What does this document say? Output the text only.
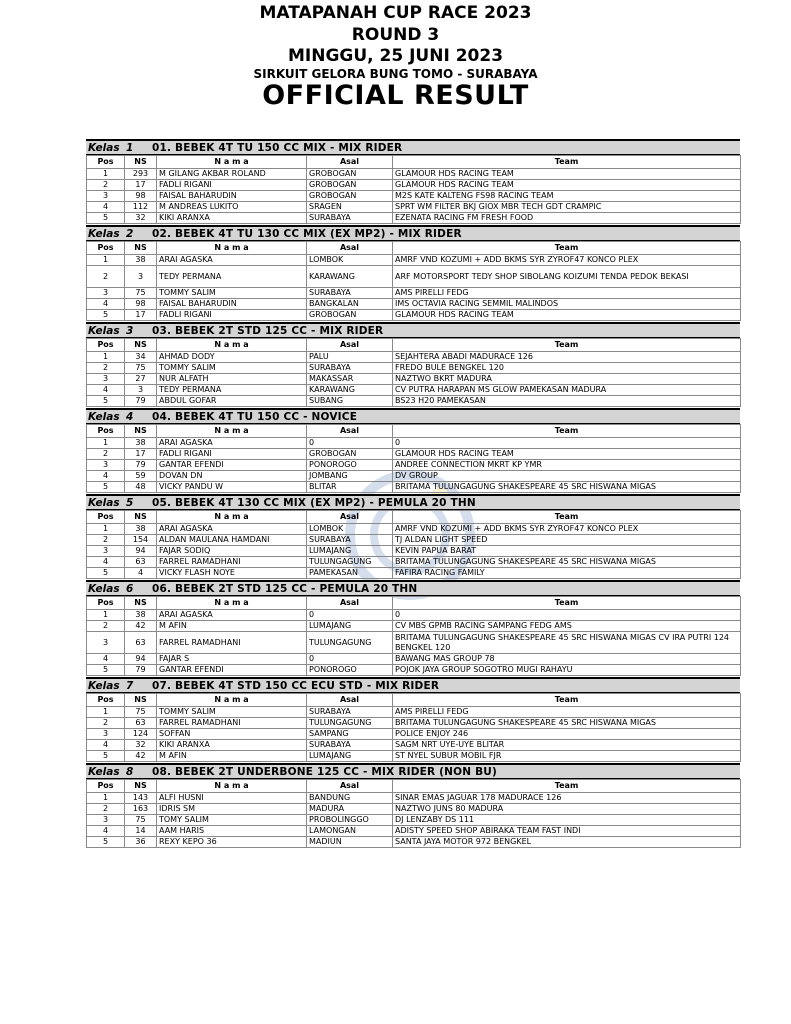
MATAPANAH CUP RACE 2023
ROUND 3
MINGGU, 25 JUNI 2023
SIRKUIT GELORA BUNG TOMO - SURABAYA
OFFICIAL RESULT
Kelas 1	01. BEBEK 4T TU 150 CC MIX - MIX RIDER
Pos	NS	N a m a	Asal	Team
1	293	M GILANG AKBAR ROLAND	GROBOGAN	GLAMOUR HDS RACING TEAM
2	17	FADLI RIGANI	GROBOGAN	GLAMOUR HDS RACING TEAM
3	98	FAISAL BAHARUDIN	GROBOGAN	M2S KATE KALTENG FS98 RACING TEAM
4	112	M ANDREAS LUKITO	SRAGEN	SPRT WM FILTER BKJ GIOX MBR TECH GDT CRAMPIC
5	32	KIKI ARANXA	SURABAYA	EZENATA RACING FM FRESH FOOD
Kelas 2	02. BEBEK 4T TU 130 CC MIX (EX MP2) - MIX RIDER
Pos	NS	N a m a	Asal	Team
1	38	ARAI AGASKA	LOMBOK	AMRF VND KOZUMI + ADD BKMS SYR ZYROF47 KONCO PLEX
2	3	TEDY PERMANA	KARAWANG	ARF MOTORSPORT TEDY SHOP SIBOLANG KOIZUMI TENDA PEDOK BEKASI
3	75	TOMMY SALIM	SURABAYA	AMS PIRELLI FEDG
4	98	FAISAL BAHARUDIN	BANGKALAN	IMS OCTAVIA RACING SEMMIL MALINDOS
5	17	FADLI RIGANI	GROBOGAN	GLAMOUR HDS RACING TEAM
Kelas 3	03. BEBEK 2T STD 125 CC - MIX RIDER
Pos	NS	N a m a	Asal	Team
1	34	AHMAD DODY	PALU	SEJAHTERA ABADI MADURACE 126
2	75	TOMMY SALIM	SURABAYA	FREDO BULE BENGKEL 120
3	27	NUR ALFATH	MAKASSAR	NAZTWO BKRT MADURA
4	3	TEDY PERMANA	KARAWANG	CV PUTRA HARAPAN MS GLOW PAMEKASAN MADURA
5	79	ABDUL GOFAR	SUBANG	BS23 H20 PAMEKASAN
Kelas 4	04. BEBEK 4T TU 150 CC - NOVICE
Pos	NS	N a m a	Asal	Team
1	38	ARAI AGASKA	0	0
2	17	FADLI RIGANI	GROBOGAN	GLAMOUR HDS RACING TEAM
3	79	GANTAR EFENDI	PONOROGO	ANDREE CONNECTION MKRT KP YMR
4	59	DOVAN DN	JOMBANG	DV GROUP
5	48	VICKY PANDU W	BLITAR	BRITAMA TULUNGAGUNG SHAKESPEARE 45 SRC HISWANA MIGAS
Kelas 5	05. BEBEK 4T 130 CC MIX (EX MP2) - PEMULA 20 THN
Pos	NS	N a m a	Asal	Team
1	38	ARAI AGASKA	LOMBOK	AMRF VND KOZUMI + ADD BKMS SYR ZYROF47 KONCO PLEX
2	154	ALDAN MAULANA HAMDANI	SURABAYA	TJ ALDAN LIGHT SPEED
3	94	FAJAR SODIQ	LUMAJANG	KEVIN PAPUA BARAT
4	63	FARREL RAMADHANI	TULUNGAGUNG	BRITAMA TULUNGAGUNG SHAKESPEARE 45 SRC HISWANA MIGAS
5	4	VICKY FLASH NOYE	PAMEKASAN	FAFIRA RACING FAMILY
Kelas 6	06. BEBEK 2T STD 125 CC - PEMULA 20 THN
Pos	NS	N a m a	Asal	Team
1	38	ARAI AGASKA	0	0
2	42	M AFIN	LUMAJANG	CV MBS GPMB RACING SAMPANG FEDG AMS
3	63	FARREL RAMADHANI	TULUNGAGUNG	BRITAMA TULUNGAGUNG SHAKESPEARE 45 SRC HISWANA MIGAS CV IRA PUTRI 124 BENGKEL 120
4	94	FAJAR S	0	BAWANG MAS GROUP 78
5	79	GANTAR EFENDI	PONOROGO	POJOK JAYA GROUP SOGOTRO MUGI RAHAYU
Kelas 7	07. BEBEK 4T STD 150 CC ECU STD - MIX RIDER
Pos	NS	N a m a	Asal	Team
1	75	TOMMY SALIM	SURABAYA	AMS PIRELLI FEDG
2	63	FARREL RAMADHANI	TULUNGAGUNG	BRITAMA TULUNGAGUNG SHAKESPEARE 45 SRC HISWANA MIGAS
3	124	SOFFAN	SAMPANG	POLICE ENJOY 246
4	32	KIKI ARANXA	SURABAYA	SAGM NRT UYE-UYE BLITAR
5	42	M AFIN	LUMAJANG	ST NYEL SUBUR MOBIL FJR
Kelas 8	08. BEBEK 2T UNDERBONE 125 CC - MIX RIDER (NON BU)
Pos	NS	N a m a	Asal	Team
1	143	ALFI HUSNI	BANDUNG	SINAR EMAS JAGUAR 178 MADURACE 126
2	163	IDRIS SM	MADURA	NAZTWO JUNS 80 MADURA
3	75	TOMY SALIM	PROBOLINGGO	DJ LENZABY DS 111
4	14	AAM HARIS	LAMONGAN	ADISTY SPEED SHOP ABIRAKA TEAM FAST INDI
5	36	REXY KEPO 36	MADIUN	SANTA JAYA MOTOR 972 BENGKEL
